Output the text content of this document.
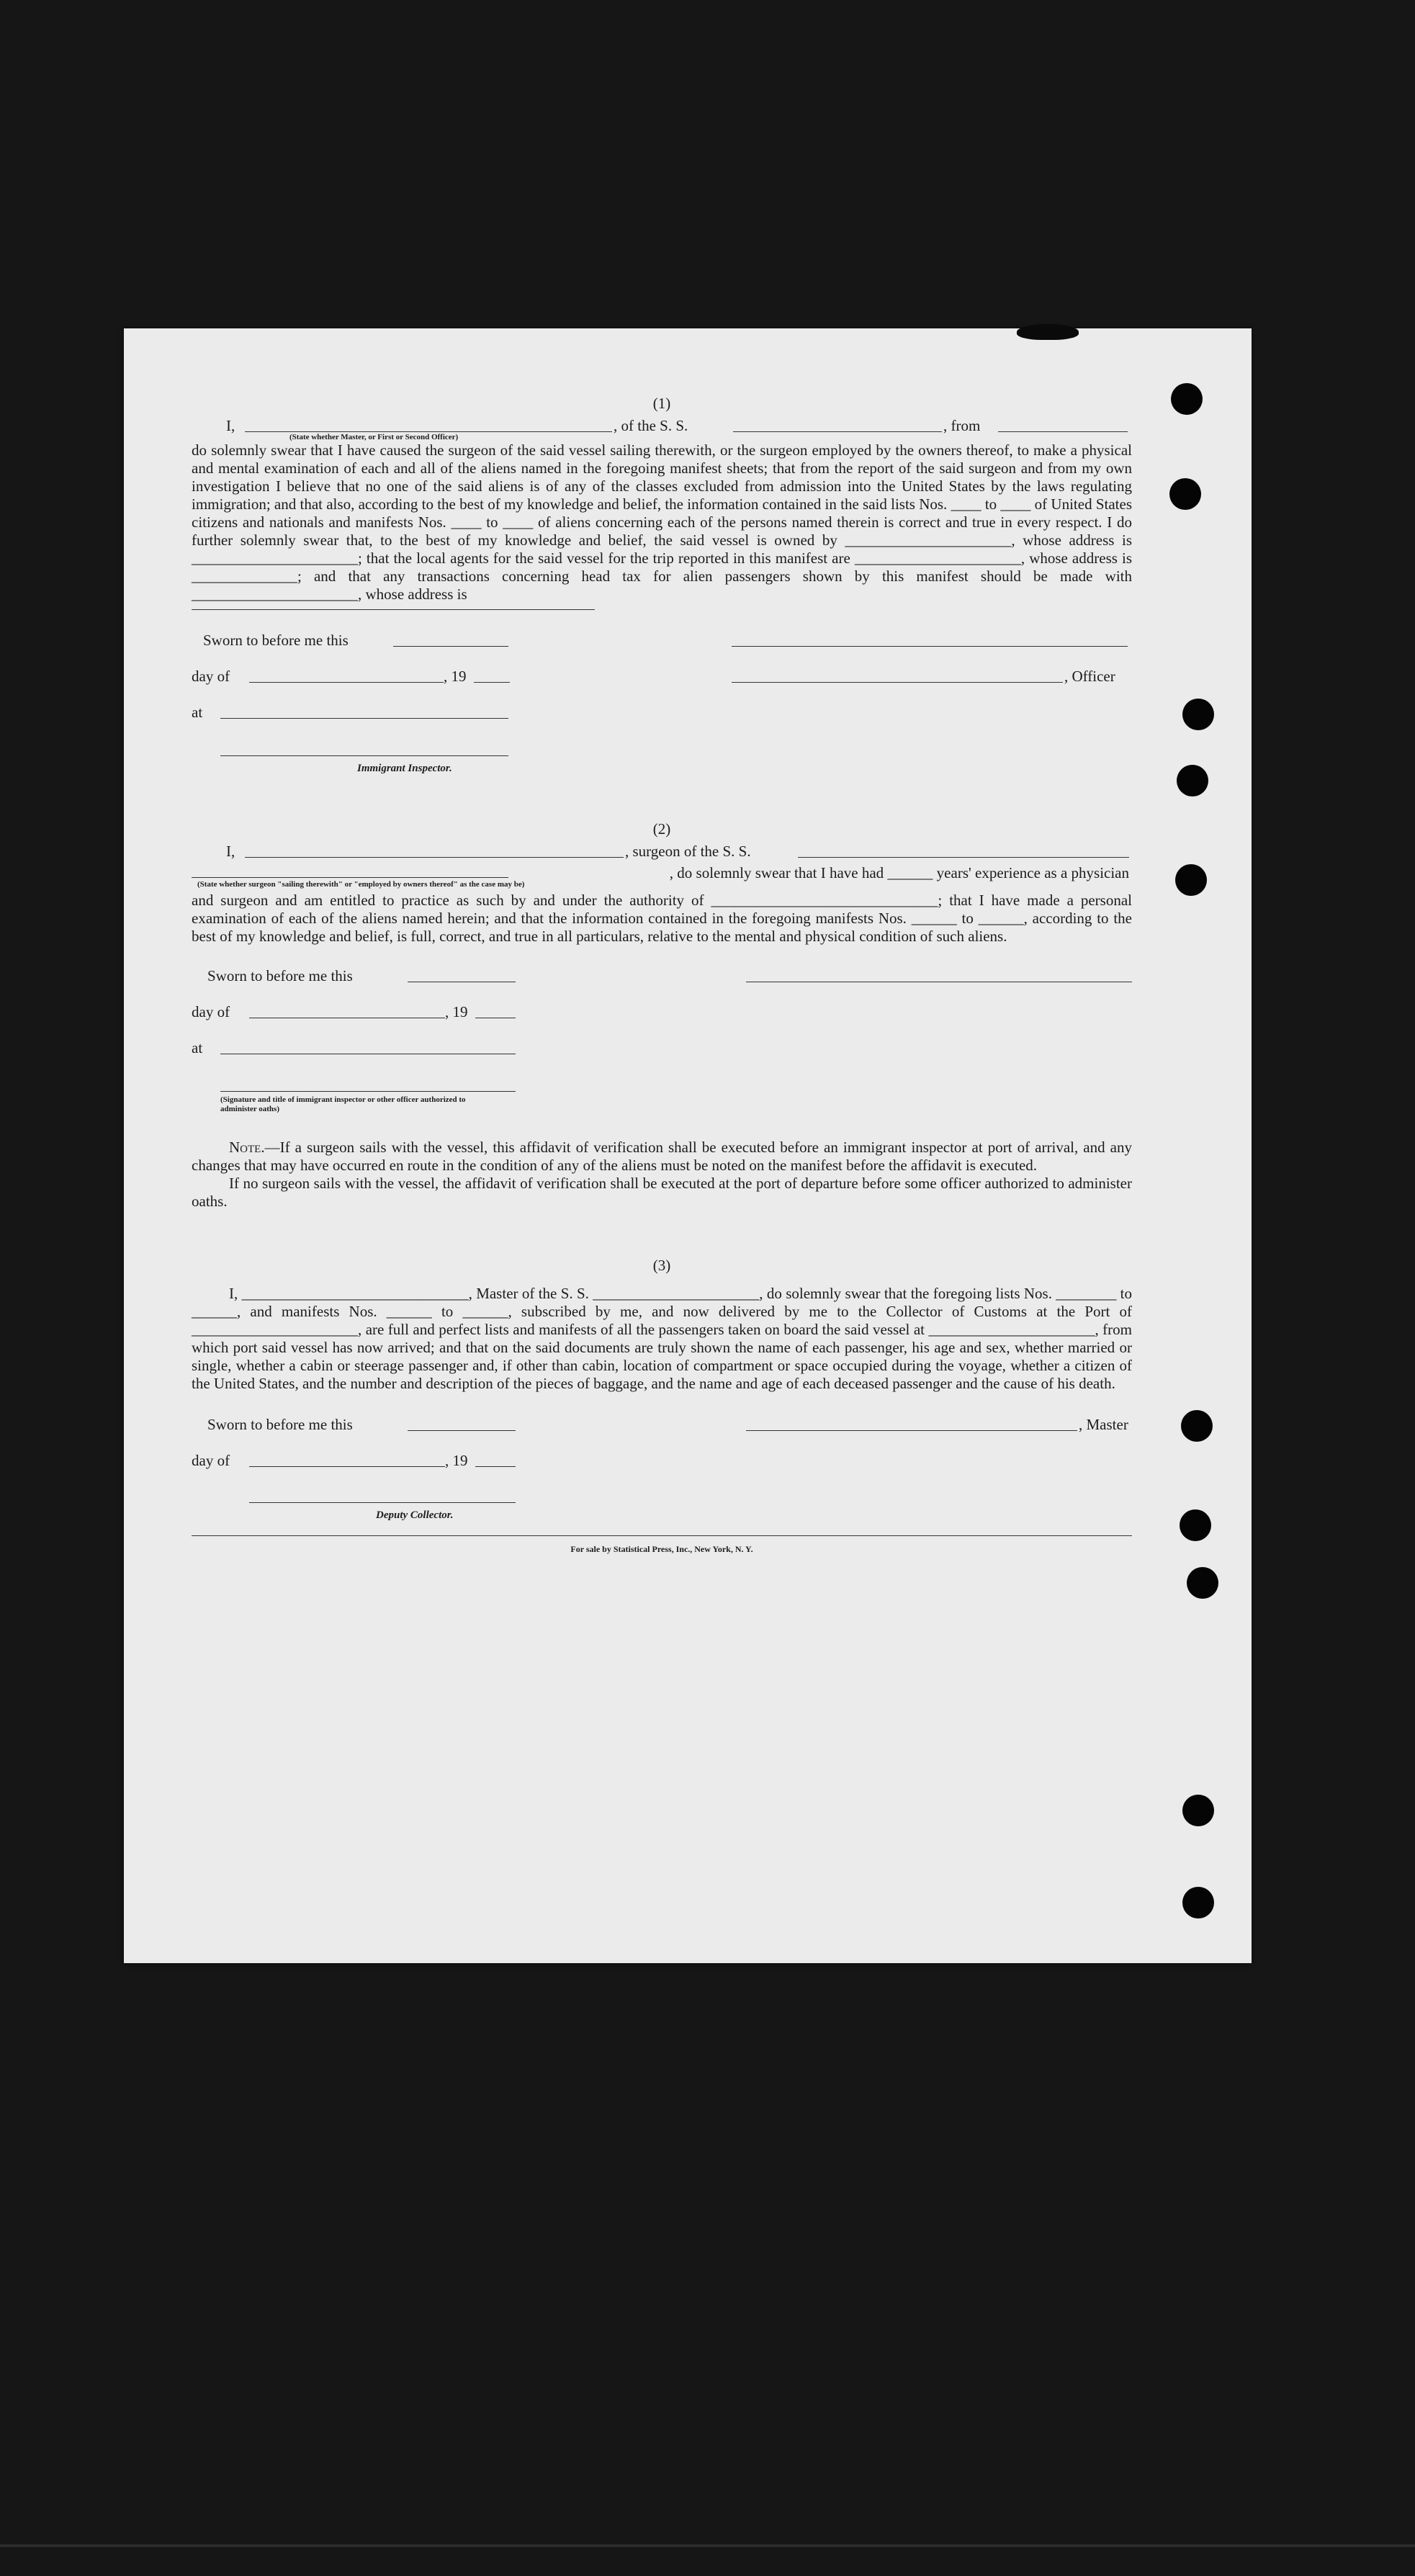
(1)
I,
(State whether Master, or First or Second Officer)
, of the S. S.	, from

do solemnly swear that I have caused the surgeon of the said vessel sailing therewith, or the surgeon employed by the owners thereof, to make a physical and mental examination of each and all of the aliens named in the foregoing manifest sheets; that from the report of the said surgeon and from my own investigation I believe that no one of the said aliens is of any of the classes excluded from admission into the United States by the laws regulating immigration; and that also, according to the best of my knowledge and belief, the information contained in the said lists Nos. ____ to ____ of United States citizens and nationals and manifests Nos. ____ to ____ of aliens concerning each of the persons named therein is correct and true in every respect. I do further solemnly swear that, to the best of my knowledge and belief, the said vessel is owned by ______________________, whose address is ______________________; that the local agents for the said vessel for the trip reported in this manifest are ______________________, whose address is ______________; and that any transactions concerning head tax for alien passengers shown by this manifest should be made with ______________________, whose address is

Sworn to before me this
day of	, 19	, Officer
at
Immigrant Inspector.
(2)
I,	, surgeon of the S. S.
(State whether surgeon "sailing therewith" or "employed by owners thereof" as the case may be)
, do solemnly swear that I have had ______ years' experience as a physician

and surgeon and am entitled to practice as such by and under the authority of ______________________________; that I have made a personal examination of each of the aliens named herein; and that the information contained in the foregoing manifests Nos. ______ to ______, according to the best of my knowledge and belief, is full, correct, and true in all particulars, relative to the mental and physical condition of such aliens.

Sworn to before me this
day of	, 19
at
(Signature and title of immigrant inspector or other officer authorized to administer oaths)

Note.—If a surgeon sails with the vessel, this affidavit of verification shall be executed before an immigrant inspector at port of arrival, and any changes that may have occurred en route in the condition of any of the aliens must be noted on the manifest before the affidavit is executed.

If no surgeon sails with the vessel, the affidavit of verification shall be executed at the port of departure before some officer authorized to administer oaths.

(3)

I, ______________________________, Master of the S. S. ______________________, do solemnly swear that the foregoing lists Nos. ________ to ______, and manifests Nos. ______ to ______, subscribed by me, and now delivered by me to the Collector of Customs at the Port of ______________________, are full and perfect lists and manifests of all the passengers taken on board the said vessel at ______________________, from which port said vessel has now arrived; and that on the said documents are truly shown the name of each passenger, his age and sex, whether married or single, whether a cabin or steerage passenger and, if other than cabin, location of compartment or space occupied during the voyage, whether a citizen of the United States, and the number and description of the pieces of baggage, and the name and age of each deceased passenger and the cause of his death.

Sworn to before me this	, Master
day of	, 19
Deputy Collector.
For sale by Statistical Press, Inc., New York, N. Y.
